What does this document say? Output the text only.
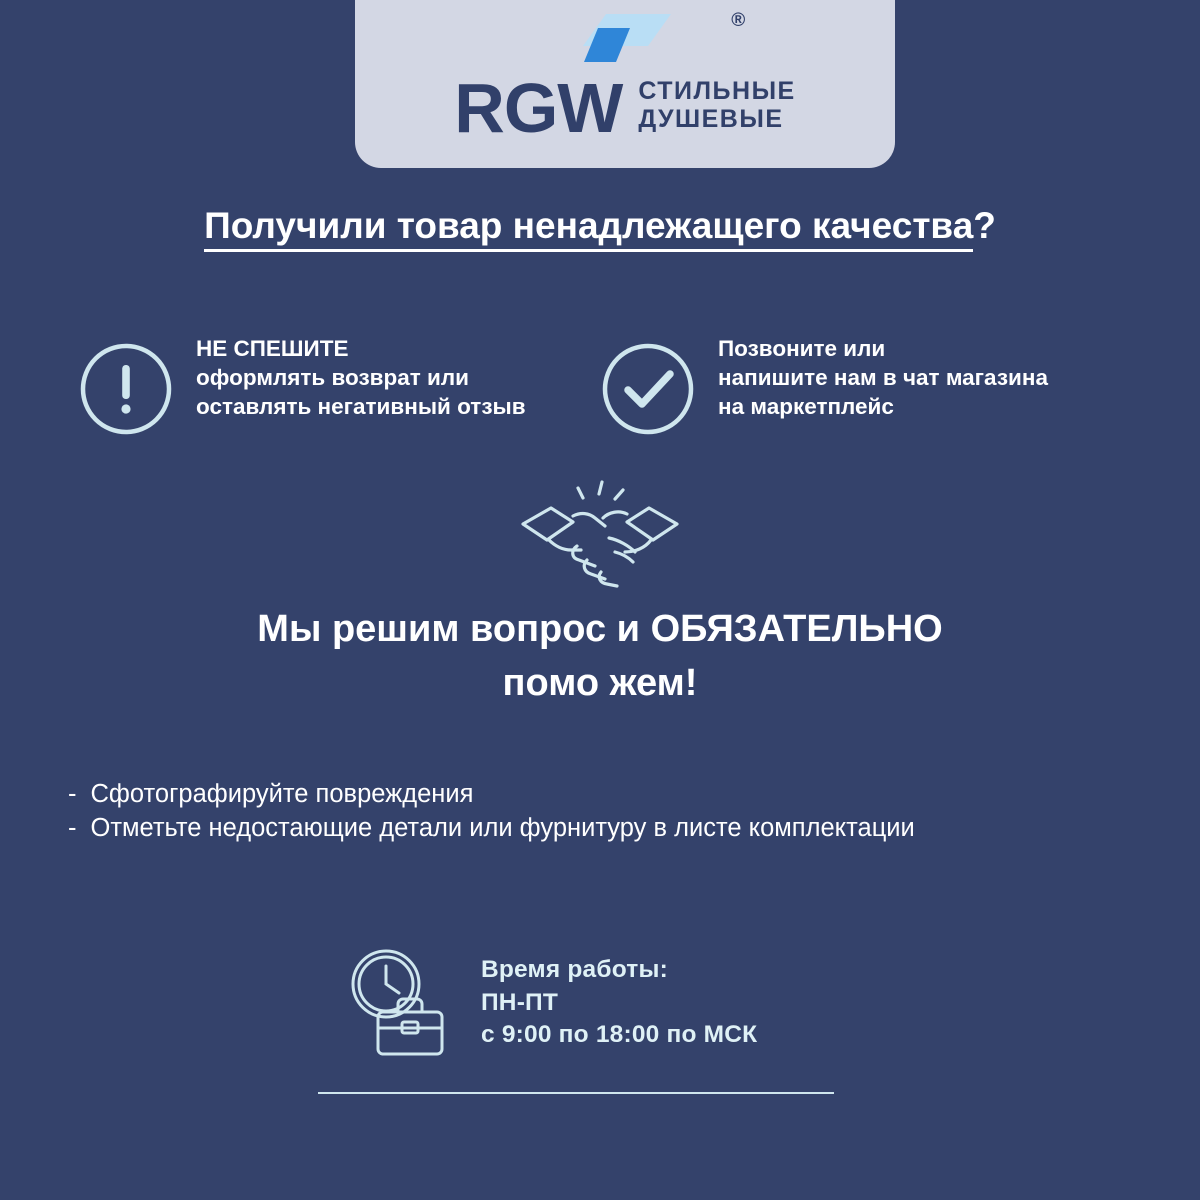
®
RGW СТИЛЬНЫЕ
ДУШЕВЫЕ
Получили товар ненадлежащего качества?
НЕ СПЕШИТЕ
оформлять возврат или оставлять негативный отзыв
Позвоните или
напишите нам в чат магазина на маркетплейс
Мы решим вопрос и ОБЯЗАТЕЛЬНО
помо жем!
- Сфотографируйте повреждения
- Отметьте недостающие детали или фурнитуру в листе комплектации
Время работы:
ПН-ПТ
с 9:00 по 18:00 по МСК
